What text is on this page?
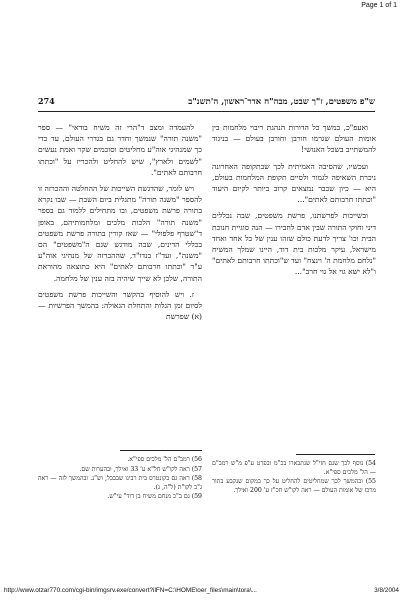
Page 1 of 1
274	ש"פ משפטים, ז"ך שבט, מבה"ח אדר־ראשון, ה'תשנ"ב

ואעפ"כ, במשך כל הדורות הנהגת ריבוי מלחמות בין אומות העולם שגרמו חורבן וחורבן בעולם — בניגוד להמשתייב בשכל האנושי!

ועכשיו, שהסיבה האמיתית לכך שבתקופה האחרונה ניכרת השאיפה לגמור ולסיים תקופת המלחמות בעולם, היא — כיון שכבר נמצאים קרוב ביותר לקיום היעוד "וכתתו חרבותם לאתים"...

ובשייכות לפרשתנו, פרשת משפטים, שבה נכללים דיני וחוקי התורה שבין אדם לחבירו — הנה סוגיית חנוכת הבית וכו' צריך לדעת כולם שזהו ענין של כל אחד ואחד מישראל, עיקר מלכות בית דוד, היינו שמלך המשיח "נלחם מלחמת ה' וינצח" ועד ש"וכתתו חרבותם לאתים" ו"לא ישא גוי אל גוי חרב"...

להעמדה ומצב ד"הרי זה משיח בודאי" — ספר "משנה תורה" שנמשך וחדר גם בגדרי העולם, עד כדי כך שמנהיגי אוה"ע מחליטים וסוכמים שקר ואמת נעשים "לשמים ולארץ", שיש להחליט ולהכריז על "וכתתו חרבותם לאתים".

ויש לומר, שהדגשת השייכות של ההחלטה וההכרזה זו להספר "משנה תורה" מתגלית ביום השבת — שבו נקרא בתורה פרשת משפטים, ובו מתחילים ללמוד גם בספר "משנה תורה" הלכות מלכים ומלחמותיהם, באופן ד"שטרף פלפולי" — שאז קורין בתורה פרשת משפטים בכללי הדינים, שבה מודגש שגם ה"משפטים" הם "משנה", ועד"ז בנדו"ד, שההכרזה של מנהיגי אוה"ע ע"ד "וכתתו חרבותם לאתים" היא כתוצאה מהוראת התורה, שלכן לא שייך שיהיה בזה ענין של מלחמה.

ז. ויש להוסיף בהקשר והשייכות פרשת משפטים לסיום זמן הגלות והתחלת הגאולה: בהמשך הפרשיות — (א) שפרשת

56) רמב"ם הל' מלכים ספי"א.
57) ראה לקו"ש חל"א ע' 33 ואילך, ובהערות שם.
58) ראה גם בקונטרס בית רבינו שבבבל, וש"נ. ובהמשך לזה — ראה ג"כ לקו"ת (ל"ה, ג).
59) גם ב"כ מנחם משיח בן דוד" עי"ש.
54) נוסף לכך שגם חזי"ל שנתבארו בכ"מ ובפרט ע"פ מ"ש רמב"ם — הל' מלכים ספי"א.
55) ובהמשך לכך שמחליטים להחליט על כך במקום שנקבע בתור מרכז של אומות העולם — ראה לקו"ש חכ"ז ע' 200 ואילך.
http://www.otzar770.com/cgi-bin/imgsrv.exe/convert?ilFN=C:\HOME\oer_files\main\tora\...	3/8/2004
